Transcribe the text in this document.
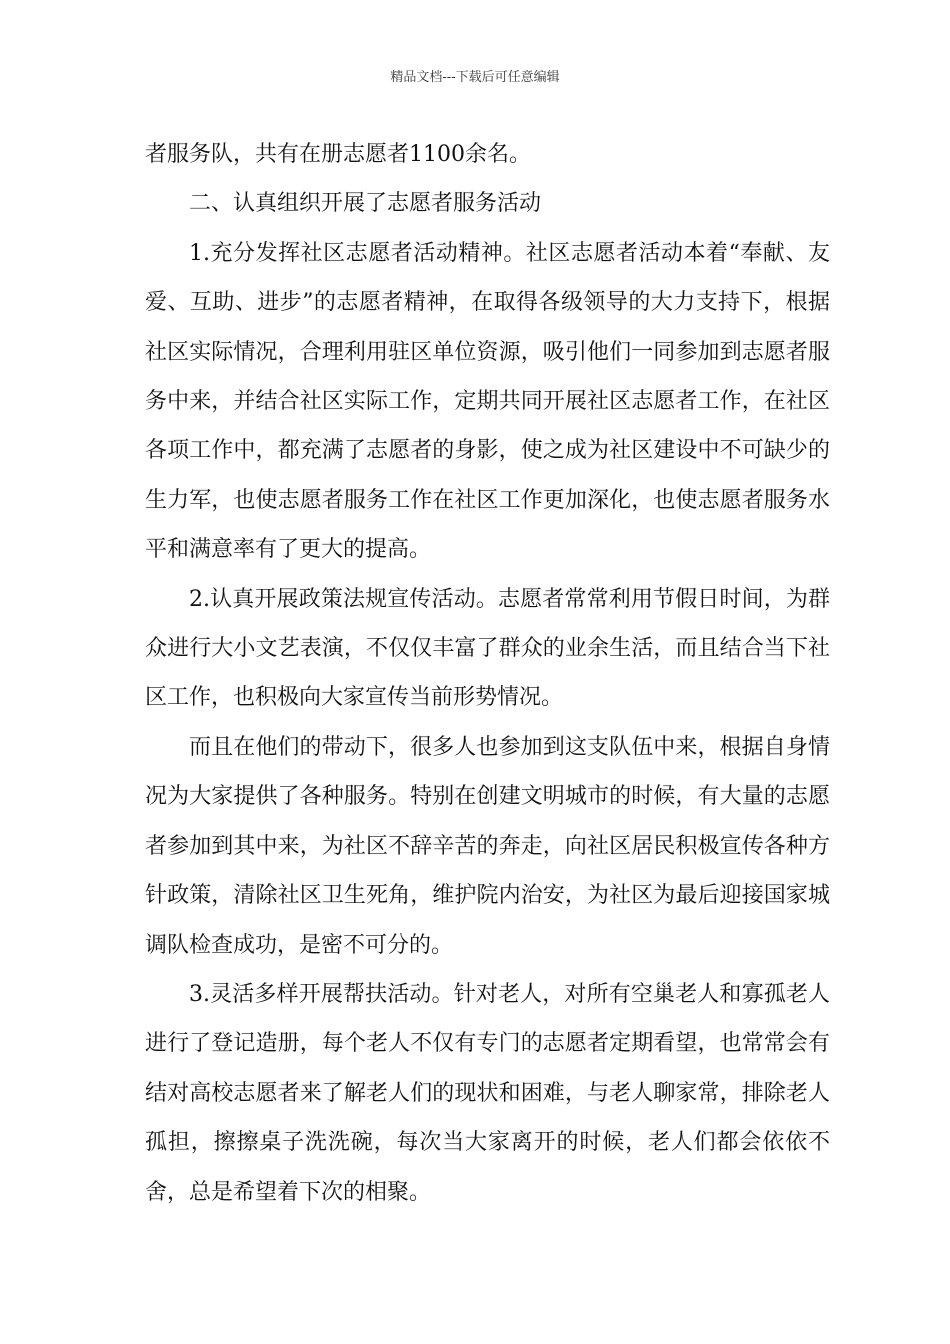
精品文档---下载后可任意编辑

者服务队，共有在册志愿者1100余名。

二、认真组织开展了志愿者服务活动

1.充分发挥社区志愿者活动精神。社区志愿者活动本着“奉献、友爱、互助、进步”的志愿者精神，在取得各级领导的大力支持下，根据社区实际情况，合理利用驻区单位资源，吸引他们一同参加到志愿者服务中来，并结合社区实际工作，定期共同开展社区志愿者工作，在社区各项工作中，都充满了志愿者的身影，使之成为社区建设中不可缺少的生力军，也使志愿者服务工作在社区工作更加深化，也使志愿者服务水平和满意率有了更大的提高。

2.认真开展政策法规宣传活动。志愿者常常利用节假日时间，为群众进行大小文艺表演，不仅仅丰富了群众的业余生活，而且结合当下社区工作，也积极向大家宣传当前形势情况。

而且在他们的带动下，很多人也参加到这支队伍中来，根据自身情况为大家提供了各种服务。特别在创建文明城市的时候，有大量的志愿者参加到其中来，为社区不辞辛苦的奔走，向社区居民积极宣传各种方针政策，清除社区卫生死角，维护院内治安，为社区为最后迎接国家城调队检查成功，是密不可分的。

3.灵活多样开展帮扶活动。针对老人，对所有空巢老人和寡孤老人进行了登记造册，每个老人不仅有专门的志愿者定期看望，也常常会有结对高校志愿者来了解老人们的现状和困难，与老人聊家常，排除老人孤担，擦擦桌子洗洗碗，每次当大家离开的时候，老人们都会依依不舍，总是希望着下次的相聚。
